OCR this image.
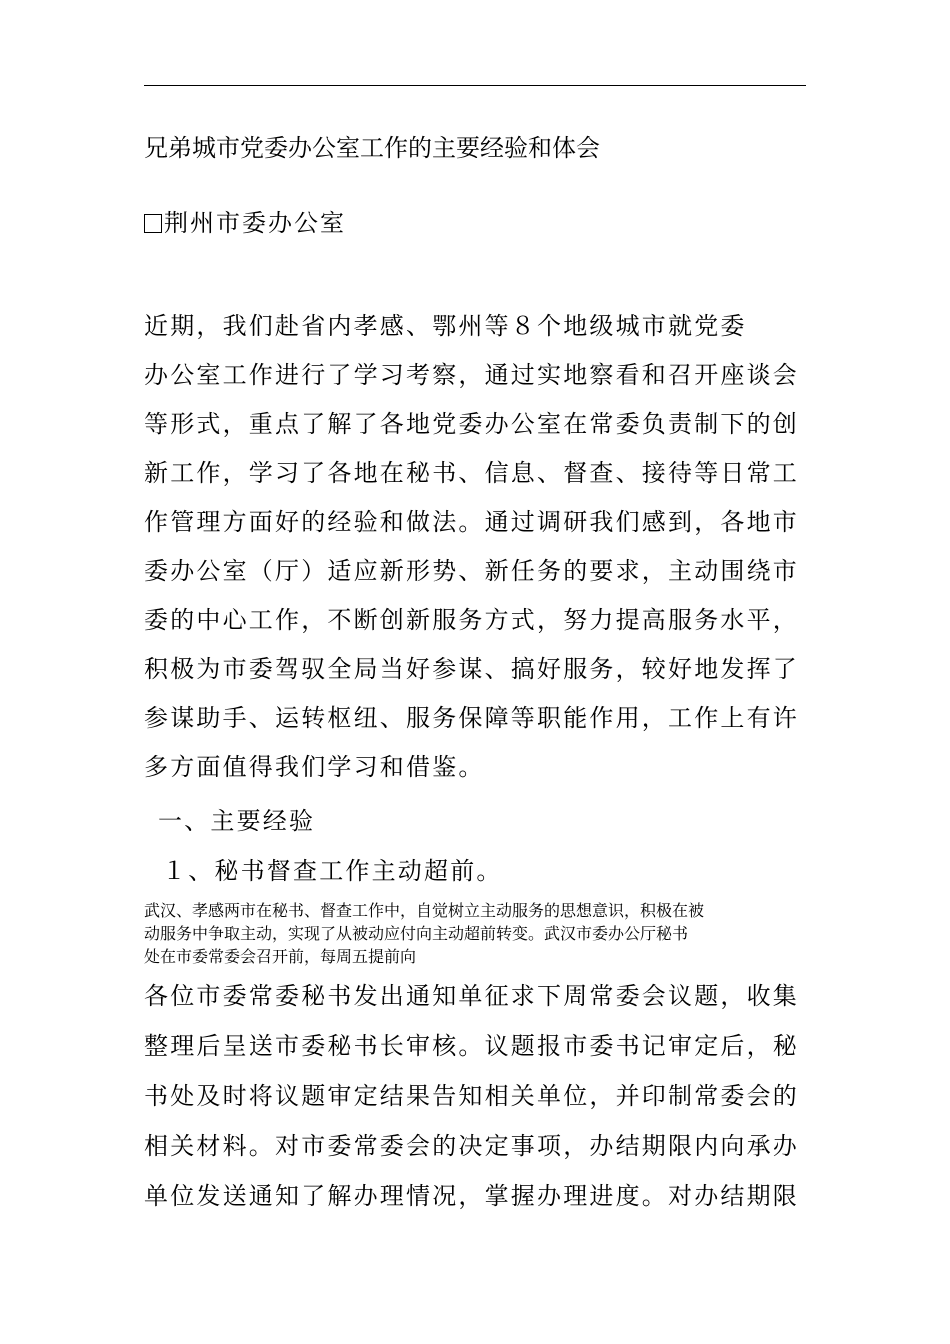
兄弟城市党委办公室工作的主要经验和体会
荆州市委办公室
近期，我们赴省内孝感、鄂州等８个地级城市就党委
办公室工作进行了学习考察，通过实地察看和召开座谈会
等形式，重点了解了各地党委办公室在常委负责制下的创
新工作，学习了各地在秘书、信息、督查、接待等日常工
作管理方面好的经验和做法。通过调研我们感到，各地市
委办公室（厅）适应新形势、新任务的要求，主动围绕市
委的中心工作，不断创新服务方式，努力提高服务水平，
积极为市委驾驭全局当好参谋、搞好服务，较好地发挥了
参谋助手、运转枢纽、服务保障等职能作用，工作上有许
多方面值得我们学习和借鉴。
一、主要经验
１、秘书督查工作主动超前。
武汉、孝感两市在秘书、督查工作中，自觉树立主动服务的思想意识，积极在被
动服务中争取主动，实现了从被动应付向主动超前转变。武汉市委办公厅秘书
处在市委常委会召开前，每周五提前向
各位市委常委秘书发出通知单征求下周常委会议题，收集
整理后呈送市委秘书长审核。议题报市委书记审定后，秘
书处及时将议题审定结果告知相关单位，并印制常委会的
相关材料。对市委常委会的决定事项，办结期限内向承办
单位发送通知了解办理情况，掌握办理进度。对办结期限
